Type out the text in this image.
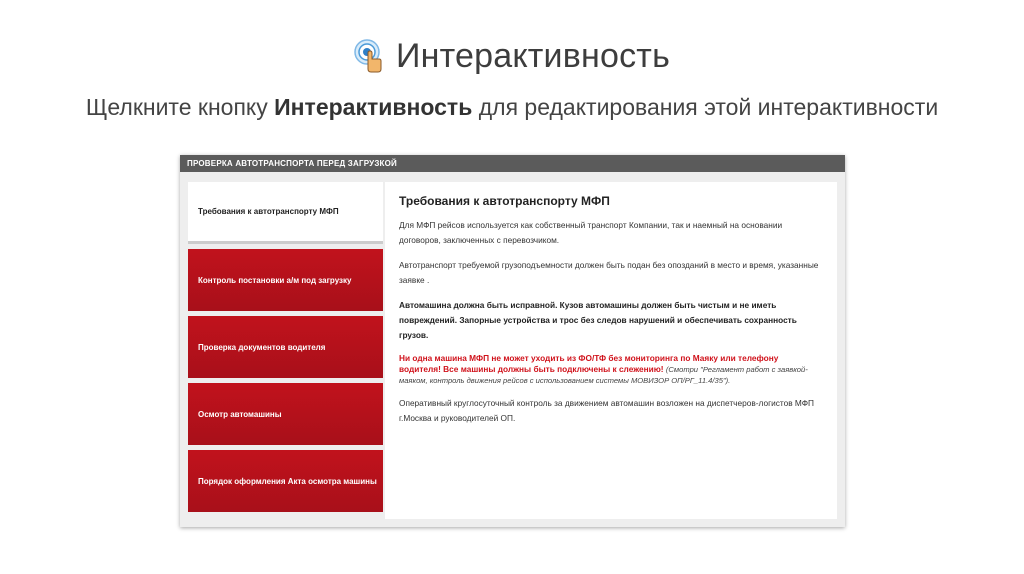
Интерактивность
Щелкните кнопку Интерактивность для редактирования этой интерактивности
ПРОВЕРКА АВТОТРАНСПОРТА ПЕРЕД ЗАГРУЗКОЙ
Требования к автотранспорту МФП
Контроль постановки а/м под загрузку
Проверка документов водителя
Осмотр автомашины
Порядок оформления Акта осмотра машины
Требования к автотранспорту МФП

Для МФП рейсов используется как собственный транспорт Компании, так и наемный на основании договоров, заключенных с перевозчиком.

Автотранспорт требуемой грузоподъемности должен быть подан без опозданий в место и время, указанные заявке .

Автомашина должна быть исправной. Кузов автомашины должен быть чистым и не иметь повреждений. Запорные устройства и трос без следов нарушений и обеспечивать сохранность грузов.

Ни одна машина МФП не может уходить из ФО/ТФ без мониторинга по Маяку или телефону водителя! Все машины должны быть подключены к слежению! (Смотри "Регламент работ с заявкой-маяком, контроль движения рейсов с использованием системы МОВИЗОР ОП/РГ_11.4/35").

Оперативный круглосуточный контроль за движением автомашин возложен на диспетчеров-логистов МФП г.Москва и руководителей ОП.
